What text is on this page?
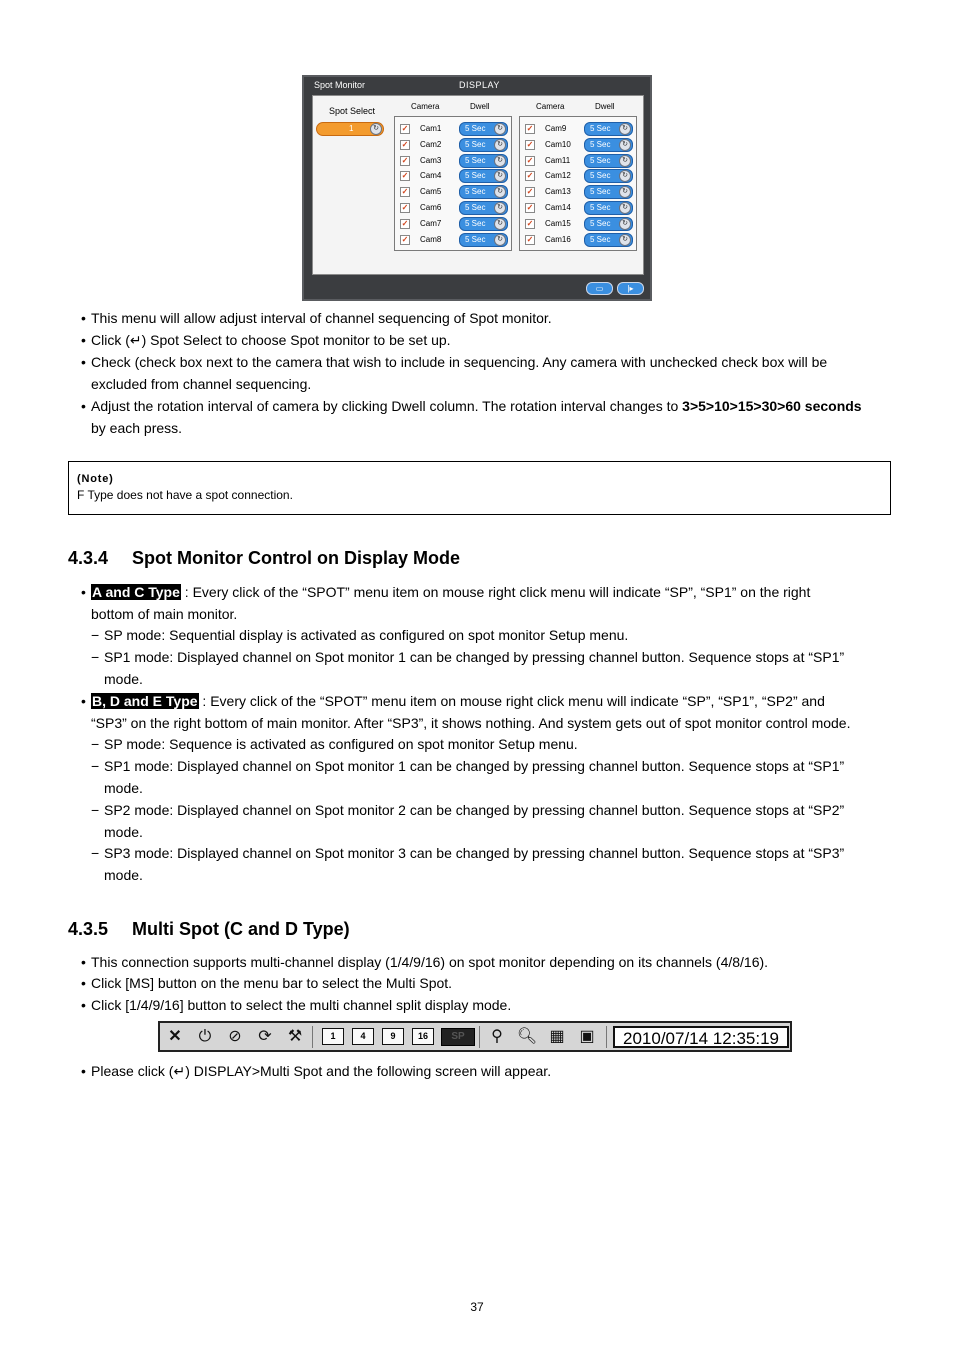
Spot Monitor	DISPLAY
Spot Select
1	↻
Camera	Dwell	Camera	Dwell
✓ Cam1	5 Sec	↻
✓ Cam2	5 Sec	↻
✓ Cam3	5 Sec	↻
✓ Cam4	5 Sec	↻
✓ Cam5	5 Sec	↻
✓ Cam6	5 Sec	↻
✓ Cam7	5 Sec	↻
✓ Cam8	5 Sec	↻
✓ Cam9	5 Sec	↻
✓ Cam10 5 Sec	↻
✓ Cam11 5 Sec	↻
✓ Cam12 5 Sec	↻
✓ Cam13 5 Sec	↻
✓ Cam14 5 Sec	↻
✓ Cam15 5 Sec	↻
✓ Cam16 5 Sec	↻
▭	|▸
• This menu will allow adjust interval of channel sequencing of Spot monitor.
• Click (↵) Spot Select to choose Spot monitor to be set up.
• Check (check box next to the camera that wish to include in sequencing. Any camera with unchecked check box will be
excluded from channel sequencing.
• Adjust the rotation interval of camera by clicking Dwell column. The rotation interval changes to 3>5>10>15>30>60 seconds
by each press.
(Note)
F Type does not have a spot connection.
4.3.4 Spot Monitor Control on Display Mode
• A and C Type : Every click of the “SPOT” menu item on mouse right click menu will indicate “SP”, “SP1” on the right
bottom of main monitor.
− SP mode: Sequential display is activated as configured on spot monitor Setup menu.
− SP1 mode: Displayed channel on Spot monitor 1 can be changed by pressing channel button. Sequence stops at “SP1”
mode.
• B, D and E Type : Every click of the “SPOT” menu item on mouse right click menu will indicate “SP”, “SP1”, “SP2” and
“SP3” on the right bottom of main monitor. After “SP3”, it shows nothing. And system gets out of spot monitor control mode.
− SP mode: Sequence is activated as configured on spot monitor Setup menu.
− SP1 mode: Displayed channel on Spot monitor 1 can be changed by pressing channel button. Sequence stops at “SP1”
mode.
− SP2 mode: Displayed channel on Spot monitor 2 can be changed by pressing channel button. Sequence stops at “SP2”
mode.
− SP3 mode: Displayed channel on Spot monitor 3 can be changed by pressing channel button. Sequence stops at “SP3”
mode.
4.3.5 Multi Spot (C and D Type)
• This connection supports multi-channel display (1/4/9/16) on spot monitor depending on its channels (4/8/16).
• Click [MS] button on the menu bar to select the Multi Spot.
• Click [1/4/9/16] button to select the multi channel split display mode.
✕	⏻	⊘	⟳	⚒	1	4	9	16	SP	⚲ 🔍︎ ▦ ▣	2010/07/14 12:35:19
• Please click (↵) DISPLAY>Multi Spot and the following screen will appear.
37
